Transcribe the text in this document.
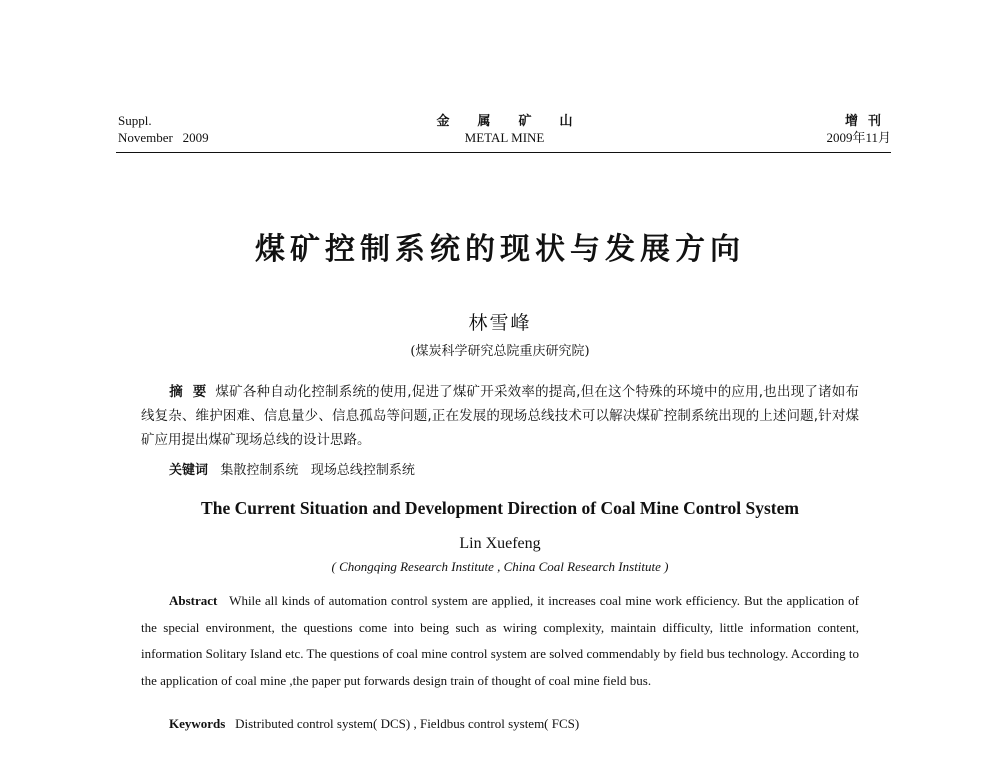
Suppl.
November   2009
金属矿山
METAL MINE
增刊
2009年11月
煤矿控制系统的现状与发展方向
林雪峰
(煤炭科学研究总院重庆研究院)
摘  要 煤矿各种自动化控制系统的使用,促进了煤矿开采效率的提高,但在这个特殊的环境中的应用,也出现了诸如布线复杂、维护困难、信息量少、信息孤岛等问题,正在发展的现场总线技术可以解决煤矿控制系统出现的上述问题,针对煤矿应用提出煤矿现场总线的设计思路。
关键词 集散控制系统   现场总线控制系统
The Current Situation and Development Direction of Coal Mine Control System
Lin Xuefeng
( Chongqing Research Institute , China Coal Research Institute )
Abstract While all kinds of automation control system are applied, it increases coal mine work efficiency. But the application of the special environment, the questions come into being such as wiring complexity, maintain difficulty, little information content, information Solitary Island etc. The questions of coal mine control system are solved commendably by field bus technology. According to the application of coal mine ,the paper put forwards design train of thought of coal mine field bus.
Keywords Distributed control system( DCS) , Fieldbus control system( FCS)
